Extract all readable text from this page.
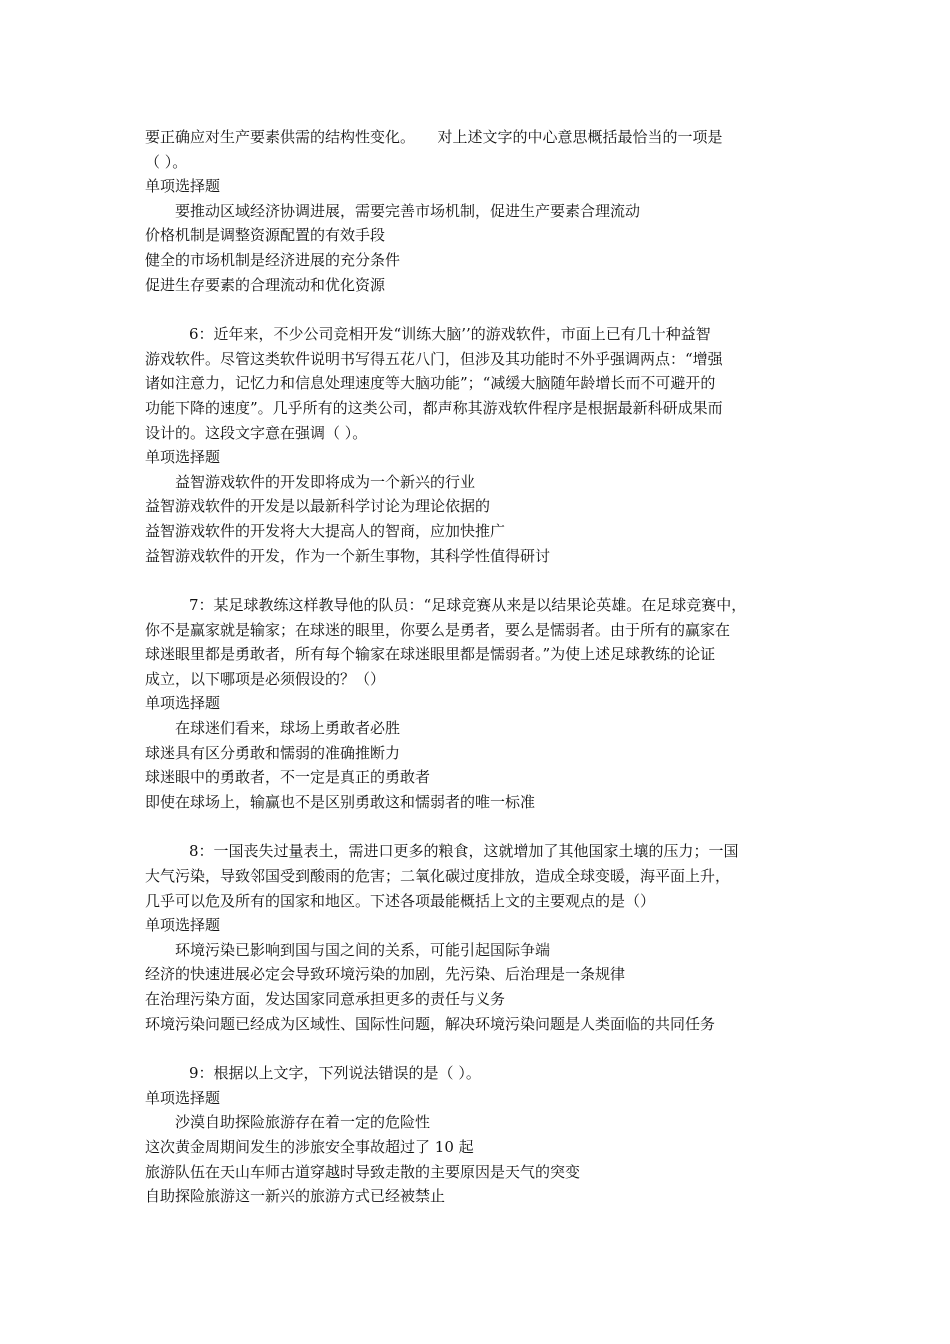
要正确应对生产要素供需的结构性变化。　　对上述文字的中心意思概括最恰当的一项是

（ ）。

单项选择题

要推动区域经济协调进展，需要完善市场机制，促进生产要素合理流动

价格机制是调整资源配置的有效手段

健全的市场机制是经济进展的充分条件

促进生存要素的合理流动和优化资源

6：近年来，不少公司竞相开发“训练大脑’’的游戏软件，市面上已有几十种益智

游戏软件。尽管这类软件说明书写得五花八门，但涉及其功能时不外乎强调两点：“增强

诸如注意力，记忆力和信息处理速度等大脑功能”；“减缓大脑随年龄增长而不可避开的

功能下降的速度”。几乎所有的这类公司，都声称其游戏软件程序是根据最新科研成果而

设计的。这段文字意在强调（ ）。

单项选择题

益智游戏软件的开发即将成为一个新兴的行业

益智游戏软件的开发是以最新科学讨论为理论依据的

益智游戏软件的开发将大大提高人的智商，应加快推广

益智游戏软件的开发，作为一个新生事物，其科学性值得研讨

7：某足球教练这样教导他的队员：“足球竞赛从来是以结果论英雄。在足球竞赛中，

你不是赢家就是输家；在球迷的眼里，你要么是勇者，要么是懦弱者。由于所有的赢家在

球迷眼里都是勇敢者，所有每个输家在球迷眼里都是懦弱者。”为使上述足球教练的论证

成立，以下哪项是必须假设的？（）

单项选择题

在球迷们看来，球场上勇敢者必胜

球迷具有区分勇敢和懦弱的准确推断力

球迷眼中的勇敢者，不一定是真正的勇敢者

即使在球场上，输赢也不是区别勇敢这和懦弱者的唯一标准

8：一国丧失过量表土，需进口更多的粮食，这就增加了其他国家土壤的压力；一国

大气污染，导致邻国受到酸雨的危害；二氧化碳过度排放，造成全球变暖，海平面上升，

几乎可以危及所有的国家和地区。下述各项最能概括上文的主要观点的是（）

单项选择题

环境污染已影响到国与国之间的关系，可能引起国际争端

经济的快速进展必定会导致环境污染的加剧，先污染、后治理是一条规律

在治理污染方面，发达国家同意承担更多的责任与义务

环境污染问题已经成为区域性、国际性问题，解决环境污染问题是人类面临的共同任务

9：根据以上文字，下列说法错误的是（ ）。

单项选择题

沙漠自助探险旅游存在着一定的危险性

这次黄金周期间发生的涉旅安全事故超过了 10 起

旅游队伍在天山车师古道穿越时导致走散的主要原因是天气的突变

自助探险旅游这一新兴的旅游方式已经被禁止
